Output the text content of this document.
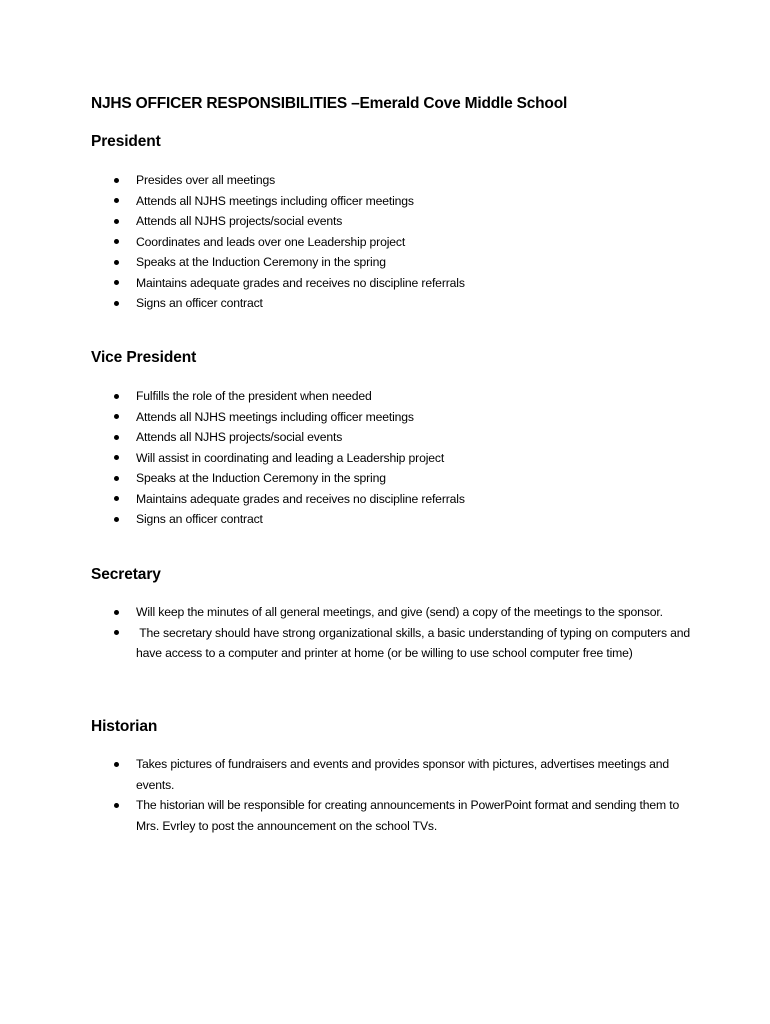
NJHS OFFICER RESPONSIBILITIES –Emerald Cove Middle School
President
Presides over all meetings
Attends all NJHS meetings including officer meetings
Attends all NJHS projects/social events
Coordinates and leads over one Leadership project
Speaks at the Induction Ceremony in the spring
Maintains adequate grades and receives no discipline referrals
Signs an officer contract
Vice President
Fulfills the role of the president when needed
Attends all NJHS meetings including officer meetings
Attends all NJHS projects/social events
Will assist in coordinating and leading a Leadership project
Speaks at the Induction Ceremony in the spring
Maintains adequate grades and receives no discipline referrals
Signs an officer contract
Secretary
Will keep the minutes of all general meetings, and give (send) a copy of the meetings to the sponsor.
The secretary should have strong organizational skills, a basic understanding of typing on computers and have access to a computer and printer at home (or be willing to use school computer free time)
Historian
Takes pictures of fundraisers and events and provides sponsor with pictures, advertises meetings and events.
The historian will be responsible for creating announcements in PowerPoint format and sending them to Mrs. Evrley to post the announcement on the school TVs.
